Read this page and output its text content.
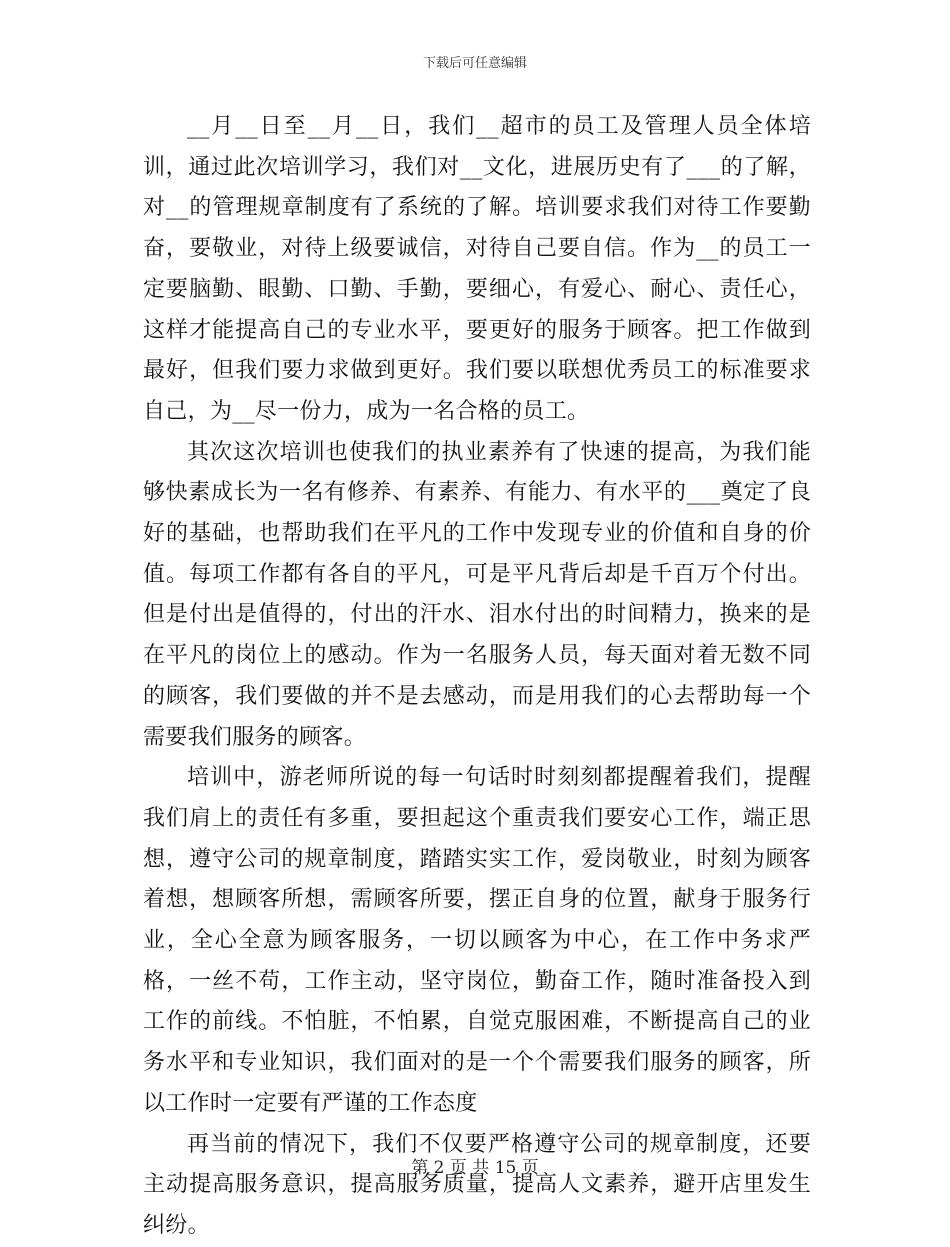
下载后可任意编辑

__月__日至__月__日，我们__超市的员工及管理人员全体培训，通过此次培训学习，我们对__文化，进展历史有了___的了解，对__的管理规章制度有了系统的了解。培训要求我们对待工作要勤奋，要敬业，对待上级要诚信，对待自己要自信。作为__的员工一定要脑勤、眼勤、口勤、手勤，要细心，有爱心、耐心、责任心，这样才能提高自己的专业水平，要更好的服务于顾客。把工作做到最好，但我们要力求做到更好。我们要以联想优秀员工的标准要求自己，为__尽一份力，成为一名合格的员工。

其次这次培训也使我们的执业素养有了快速的提高，为我们能够快素成长为一名有修养、有素养、有能力、有水平的___奠定了良好的基础，也帮助我们在平凡的工作中发现专业的价值和自身的价值。每项工作都有各自的平凡，可是平凡背后却是千百万个付出。但是付出是值得的，付出的汗水、泪水付出的时间精力，换来的是在平凡的岗位上的感动。作为一名服务人员，每天面对着无数不同的顾客，我们要做的并不是去感动，而是用我们的心去帮助每一个需要我们服务的顾客。

培训中，游老师所说的每一句话时时刻刻都提醒着我们，提醒我们肩上的责任有多重，要担起这个重责我们要安心工作，端正思想，遵守公司的规章制度，踏踏实实工作，爱岗敬业，时刻为顾客着想，想顾客所想，需顾客所要，摆正自身的位置，献身于服务行业，全心全意为顾客服务，一切以顾客为中心，在工作中务求严格，一丝不苟，工作主动，坚守岗位，勤奋工作，随时准备投入到工作的前线。不怕脏，不怕累，自觉克服困难，不断提高自己的业务水平和专业知识，我们面对的是一个个需要我们服务的顾客，所以工作时一定要有严谨的工作态度

再当前的情况下，我们不仅要严格遵守公司的规章制度，还要主动提高服务意识，提高服务质量，提高人文素养，避开店里发生纠纷。

第 2 页 共 15 页
